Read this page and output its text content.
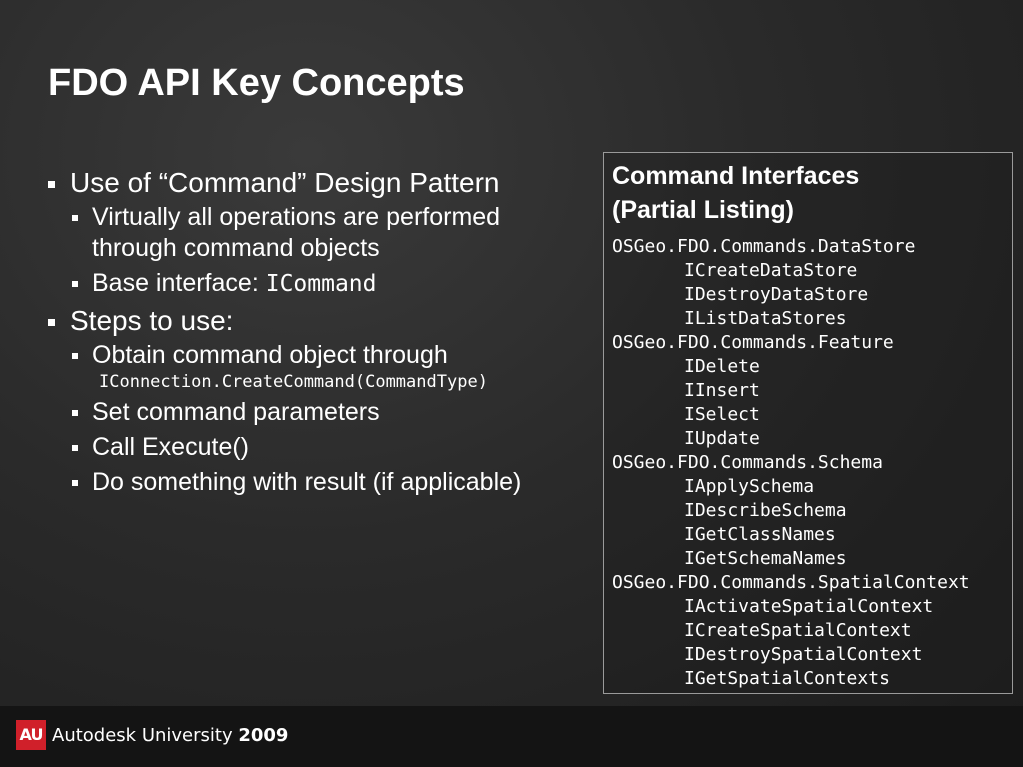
FDO API Key Concepts
Use of “Command” Design Pattern
Virtually all operations are performed through command objects
Base interface: ICommand
Steps to use:
Obtain command object through
IConnection.CreateCommand(CommandType)
Set command parameters
Call Execute()
Do something with result (if applicable)
Command Interfaces
(Partial Listing)
OSGeo.FDO.Commands.DataStore
ICreateDataStore
IDestroyDataStore
IListDataStores
OSGeo.FDO.Commands.Feature
IDelete
IInsert
ISelect
IUpdate
OSGeo.FDO.Commands.Schema
IApplySchema
IDescribeSchema
IGetClassNames
IGetSchemaNames
OSGeo.FDO.Commands.SpatialContext
IActivateSpatialContext
ICreateSpatialContext
IDestroySpatialContext
IGetSpatialContexts
AU Autodesk University 2009
